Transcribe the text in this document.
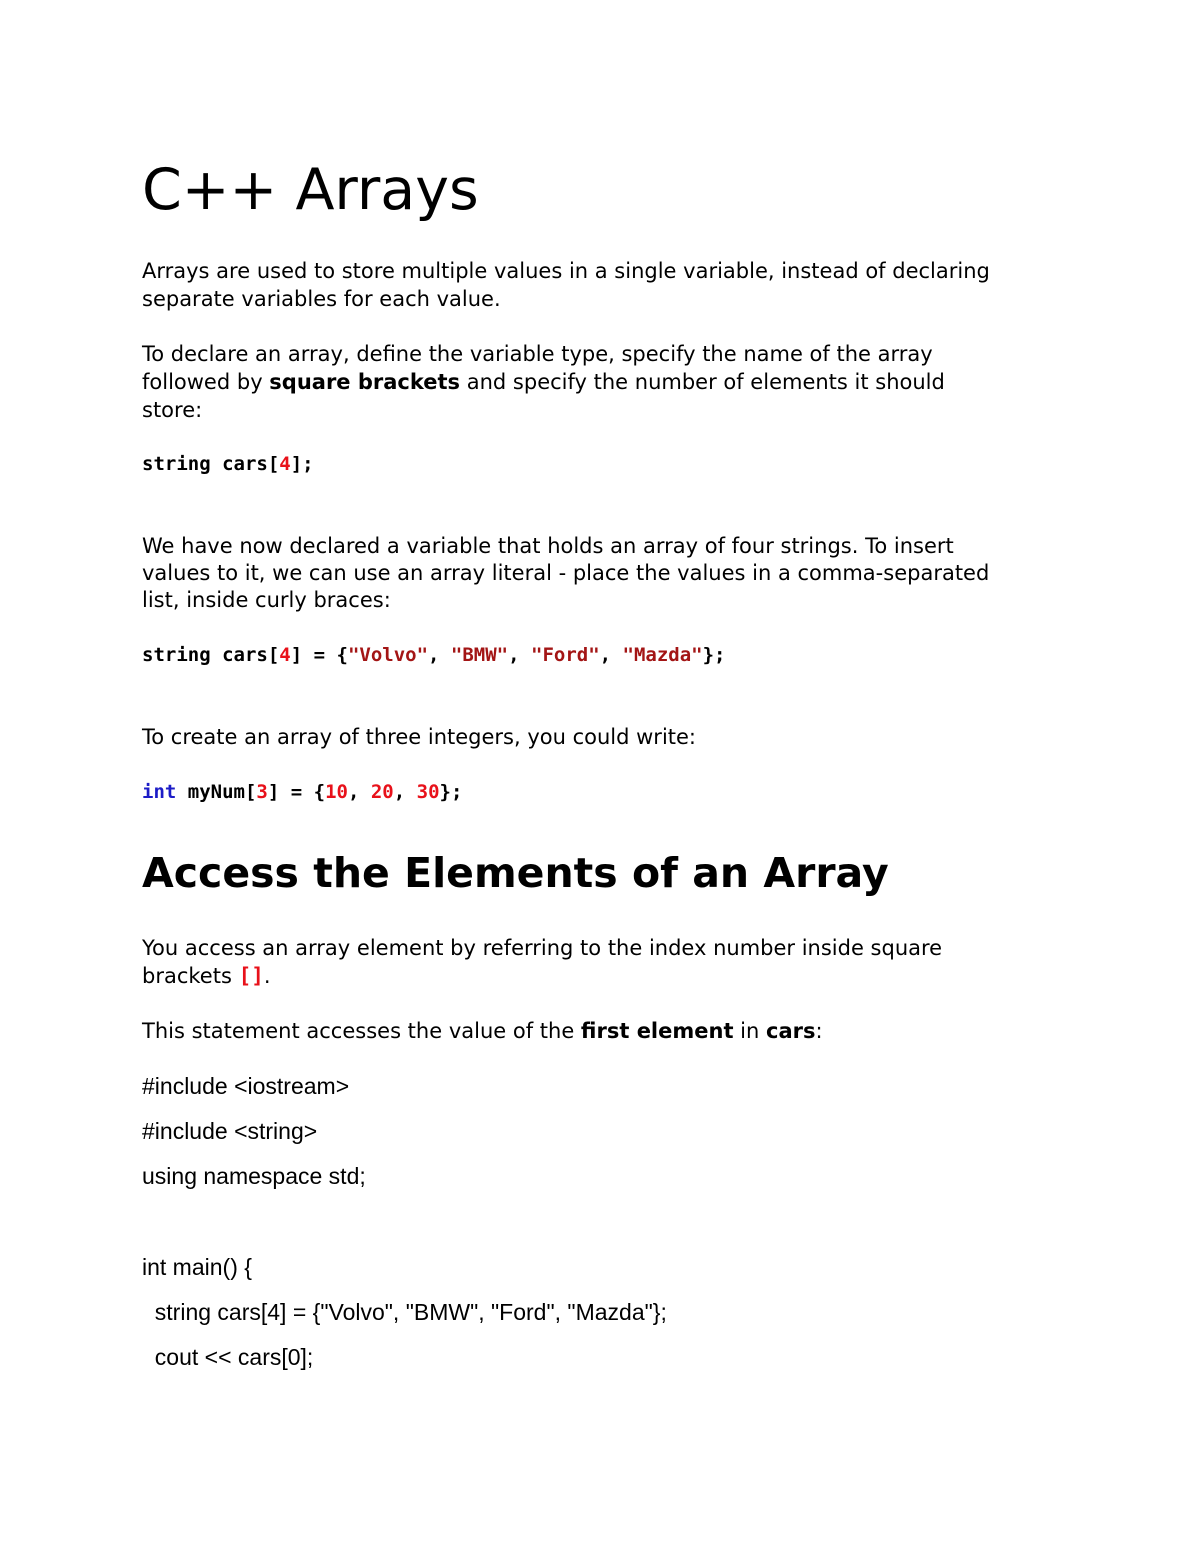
C++ Arrays

Arrays are used to store multiple values in a single variable, instead of declaring

separate variables for each value.

To declare an array, define the variable type, specify the name of the array

followed by square brackets and specify the number of elements it should

store:

string cars[4];

We have now declared a variable that holds an array of four strings. To insert

values to it, we can use an array literal - place the values in a comma-separated

list, inside curly braces:

string cars[4] = {"Volvo", "BMW", "Ford", "Mazda"};

To create an array of three integers, you could write:

int myNum[3] = {10, 20, 30};

Access the Elements of an Array

You access an array element by referring to the index number inside square

brackets [].

This statement accesses the value of the first element in cars:

#include <iostream>

#include <string>

using namespace std;

int main() {

string cars[4] = {"Volvo", "BMW", "Ford", "Mazda"};

cout << cars[0];
